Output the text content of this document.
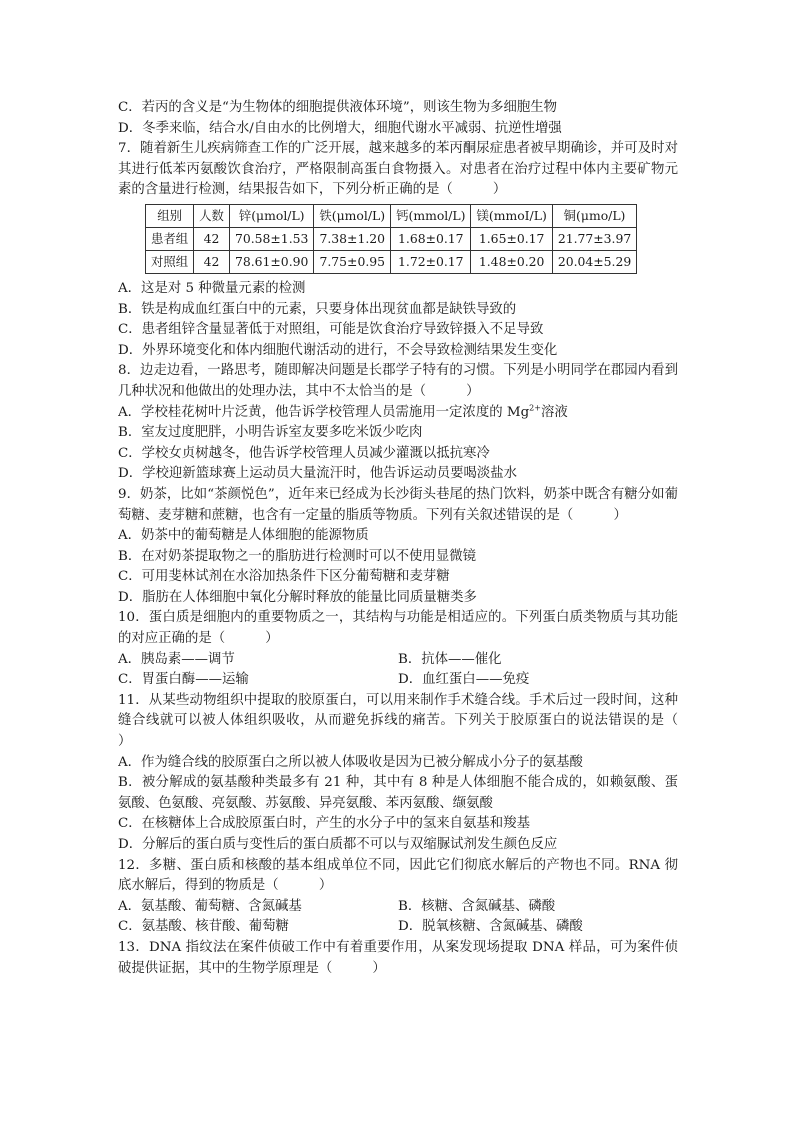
C．若丙的含义是“为生物体的细胞提供液体环境”，则该生物为多细胞生物
D．冬季来临，结合水/自由水的比例增大，细胞代谢水平减弱、抗逆性增强
7．随着新生儿疾病筛查工作的广泛开展，越来越多的苯丙酮尿症患者被早期确诊，并可及时对其进行低苯丙氨酸饮食治疗，严格限制高蛋白食物摄入。对患者在治疗过程中体内主要矿物元素的含量进行检测，结果报告如下，下列分析正确的是（　　　）
组别	人数	锌(μmol/L)	铁(μmol/L)	钙(mmol/L)	镁(mmoI/L)	铜(μmo/L)
患者组	42	70.58±1.53	7.38±1.20	1.68±0.17	1.65±0.17	21.77±3.97
对照组	42	78.61±0.90	7.75±0.95	1.72±0.17	1.48±0.20	20.04±5.29
A．这是对 5 种微量元素的检测
B．铁是构成血红蛋白中的元素，只要身体出现贫血都是缺铁导致的
C．患者组锌含量显著低于对照组，可能是饮食治疗导致锌摄入不足导致
D．外界环境变化和体内细胞代谢活动的进行，不会导致检测结果发生变化
8．边走边看，一路思考，随即解决问题是长郡学子特有的习惯。下列是小明同学在郡园内看到几种状况和他做出的处理办法，其中不太恰当的是（　　　）
A．学校桂花树叶片泛黄，他告诉学校管理人员需施用一定浓度的 $Mg^{2+}$溶液
B．室友过度肥胖，小明告诉室友要多吃米饭少吃肉
C．学校女贞树越冬，他告诉学校管理人员减少灌溉以抵抗寒冷
D．学校迎新篮球赛上运动员大量流汗时，他告诉运动员要喝淡盐水
9．奶茶，比如“茶颜悦色”，近年来已经成为长沙街头巷尾的热门饮料，奶茶中既含有糖分如葡萄糖、麦芽糖和蔗糖，也含有一定量的脂质等物质。下列有关叙述错误的是（　　　）
A．奶茶中的葡萄糖是人体细胞的能源物质
B．在对奶茶提取物之一的脂肪进行检测时可以不使用显微镜
C．可用斐林试剂在水浴加热条件下区分葡萄糖和麦芽糖
D．脂肪在人体细胞中氧化分解时释放的能量比同质量糖类多
10．蛋白质是细胞内的重要物质之一，其结构与功能是相适应的。下列蛋白质类物质与其功能的对应正确的是（　　　）
A．胰岛素——调节	B．抗体——催化
C．胃蛋白酶——运输	D．血红蛋白——免疫
11．从某些动物组织中提取的胶原蛋白，可以用来制作手术缝合线。手术后过一段时间，这种缝合线就可以被人体组织吸收，从而避免拆线的痛苦。下列关于胶原蛋白的说法错误的是（　　　）
A．作为缝合线的胶原蛋白之所以被人体吸收是因为已被分解成小分子的氨基酸
B．被分解成的氨基酸种类最多有 21 种，其中有 8 种是人体细胞不能合成的，如赖氨酸、蛋氨酸、色氨酸、亮氨酸、苏氨酸、异亮氨酸、苯丙氨酸、缬氨酸
C．在核糖体上合成胶原蛋白时，产生的水分子中的氢来自氨基和羧基
D．分解后的蛋白质与变性后的蛋白质都不可以与双缩脲试剂发生颜色反应
12．多糖、蛋白质和核酸的基本组成单位不同，因此它们彻底水解后的产物也不同。RNA 彻底水解后，得到的物质是（　　　）
A．氨基酸、葡萄糖、含氮碱基	B．核糖、含氮碱基、磷酸
C．氨基酸、核苷酸、葡萄糖	D．脱氧核糖、含氮碱基、磷酸
13．DNA 指纹法在案件侦破工作中有着重要作用，从案发现场提取 DNA 样品，可为案件侦破提供证据，其中的生物学原理是（　　　）
